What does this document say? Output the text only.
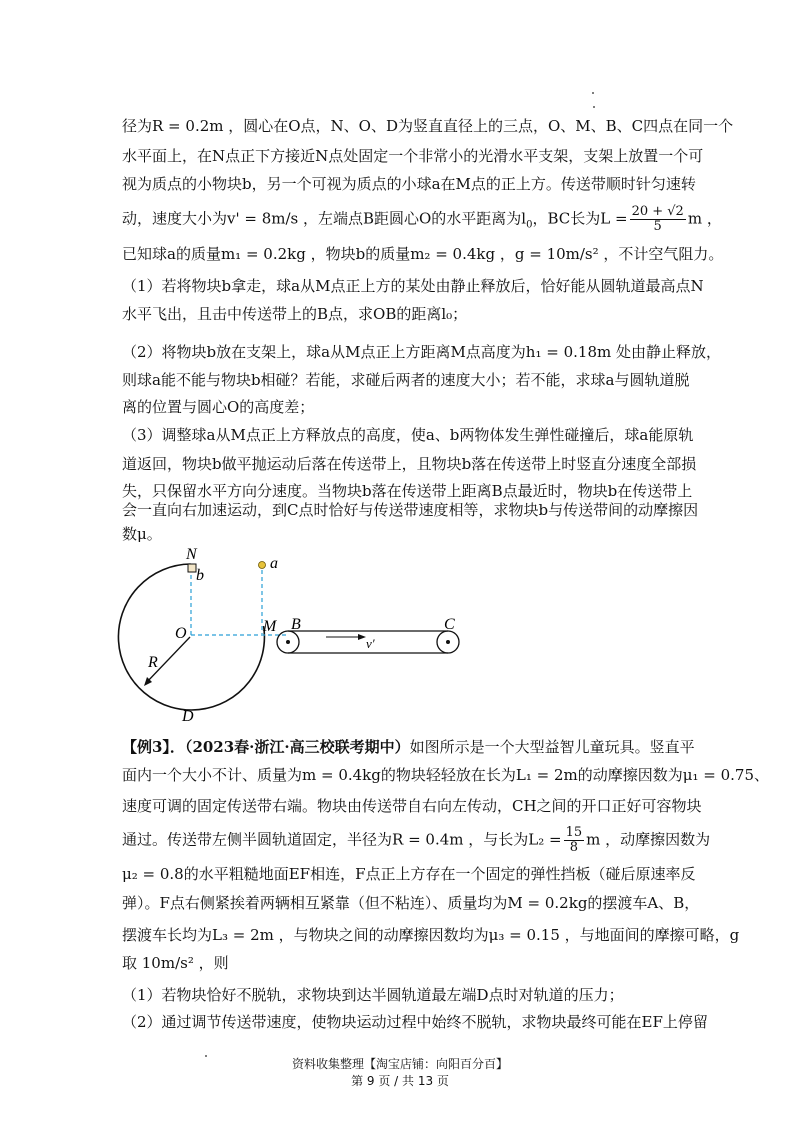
径为R = 0.2m ，圆心在O点，N、O、D为竖直直径上的三点，O、M、B、C四点在同一个

水平面上，在N点正下方接近N点处固定一个非常小的光滑水平支架，支架上放置一个可

视为质点的小物块b，另一个可视为质点的小球a在M点的正上方。传送带顺时针匀速转

动，速度大小为v' = 8m/s ，左端点B距圆心O的水平距离为$l_0$，BC长为$L = \frac{20 + √2}{5}$ m ，

已知球a的质量m₁ = 0.2kg ，物块b的质量m₂ = 0.4kg ，g = 10m/s² ，不计空气阻力。

（1）若将物块b拿走，球a从M点正上方的某处由静止释放后，恰好能从圆轨道最高点N

水平飞出，且击中传送带上的B点，求OB的距离l₀；

（2）将物块b放在支架上，球a从M点正上方距离M点高度为h₁ = 0.18m 处由静止释放，

则球a能不能与物块b相碰？若能，求碰后两者的速度大小；若不能，求球a与圆轨道脱

离的位置与圆心O的高度差；

（3）调整球a从M点正上方释放点的高度，使a、b两物体发生弹性碰撞后，球a能原轨

道返回，物块b做平抛运动后落在传送带上，且物块b落在传送带上时竖直分速度全部损

失，只保留水平方向分速度。当物块b落在传送带上距离B点最近时，物块b在传送带上

会一直向右加速运动，到C点时恰好与传送带速度相等，求物块b与传送带间的动摩擦因

数μ。

N
b
a
O	M B	C
R
D
v′

【例3】．（2023春·浙江·高三校联考期中）如图所示是一个大型益智儿童玩具。竖直平

面内一个大小不计、质量为m = 0.4kg的物块轻轻放在长为L₁ = 2m的动摩擦因数为μ₁ = 0.75、

速度可调的固定传送带右端。物块由传送带自右向左传动，CH之间的开口正好可容物块

通过。传送带左侧半圆轨道固定，半径为R = 0.4m ，与长为$L_2 = \frac{15}{8}$ m ，动摩擦因数为

μ₂ = 0.8的水平粗糙地面EF相连，F点正上方存在一个固定的弹性挡板（碰后原速率反

弹）。F点右侧紧挨着两辆相互紧靠（但不粘连）、质量均为M = 0.2kg的摆渡车A、B，

摆渡车长均为L₃ = 2m ，与物块之间的动摩擦因数均为μ₃ = 0.15 ，与地面间的摩擦可略，g

取 10m/s² ，则

（1）若物块恰好不脱轨，求物块到达半圆轨道最左端D点时对轨道的压力；

（2）通过调节传送带速度，使物块运动过程中始终不脱轨，求物块最终可能在EF上停留

资料收集整理【淘宝店铺：向阳百分百】
第 9 页 / 共 13 页
